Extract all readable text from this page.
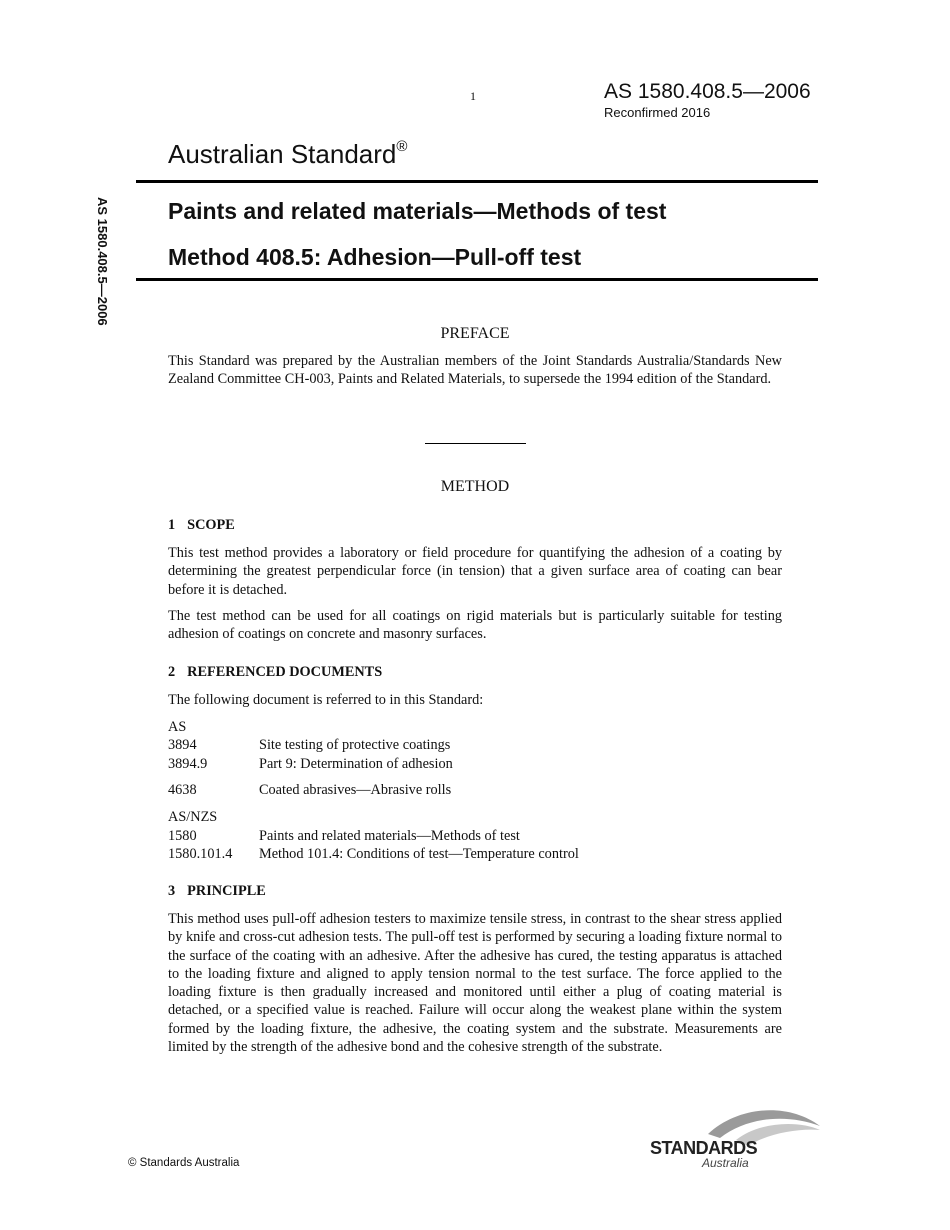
1	AS 1580.408.5—2006
Reconfirmed 2016
Australian Standard®
AS 1580.408.5—2006	Paints and related materials—Methods of test
Method 408.5: Adhesion—Pull-off test
PREFACE
This Standard was prepared by the Australian members of the Joint Standards Australia/Standards New Zealand Committee CH-003, Paints and Related Materials, to supersede the 1994 edition of the Standard.
METHOD
1 SCOPE
This test method provides a laboratory or field procedure for quantifying the adhesion of a coating by determining the greatest perpendicular force (in tension) that a given surface area of coating can bear before it is detached.
The test method can be used for all coatings on rigid materials but is particularly suitable for testing adhesion of coatings on concrete and masonry surfaces.
2 REFERENCED DOCUMENTS
The following document is referred to in this Standard:
AS
3894	Site testing of protective coatings
3894.9	Part 9: Determination of adhesion
4638	Coated abrasives—Abrasive rolls
AS/NZS
1580	Paints and related materials—Methods of test
1580.101.4 Method 101.4: Conditions of test—Temperature control
3 PRINCIPLE
This method uses pull-off adhesion testers to maximize tensile stress, in contrast to the shear stress applied by knife and cross-cut adhesion tests. The pull-off test is performed by securing a loading fixture normal to the surface of the coating with an adhesive. After the adhesive has cured, the testing apparatus is attached to the loading fixture and aligned to apply tension normal to the test surface. The force applied to the loading fixture is then gradually increased and monitored until either a plug of coating material is detached, or a specified value is reached. Failure will occur along the weakest plane within the system formed by the loading fixture, the adhesive, the coating system and the substrate. Measurements are limited by the strength of the adhesive bond and the cohesive strength of the substrate.
© Standards Australia
STANDARDS
Australia
